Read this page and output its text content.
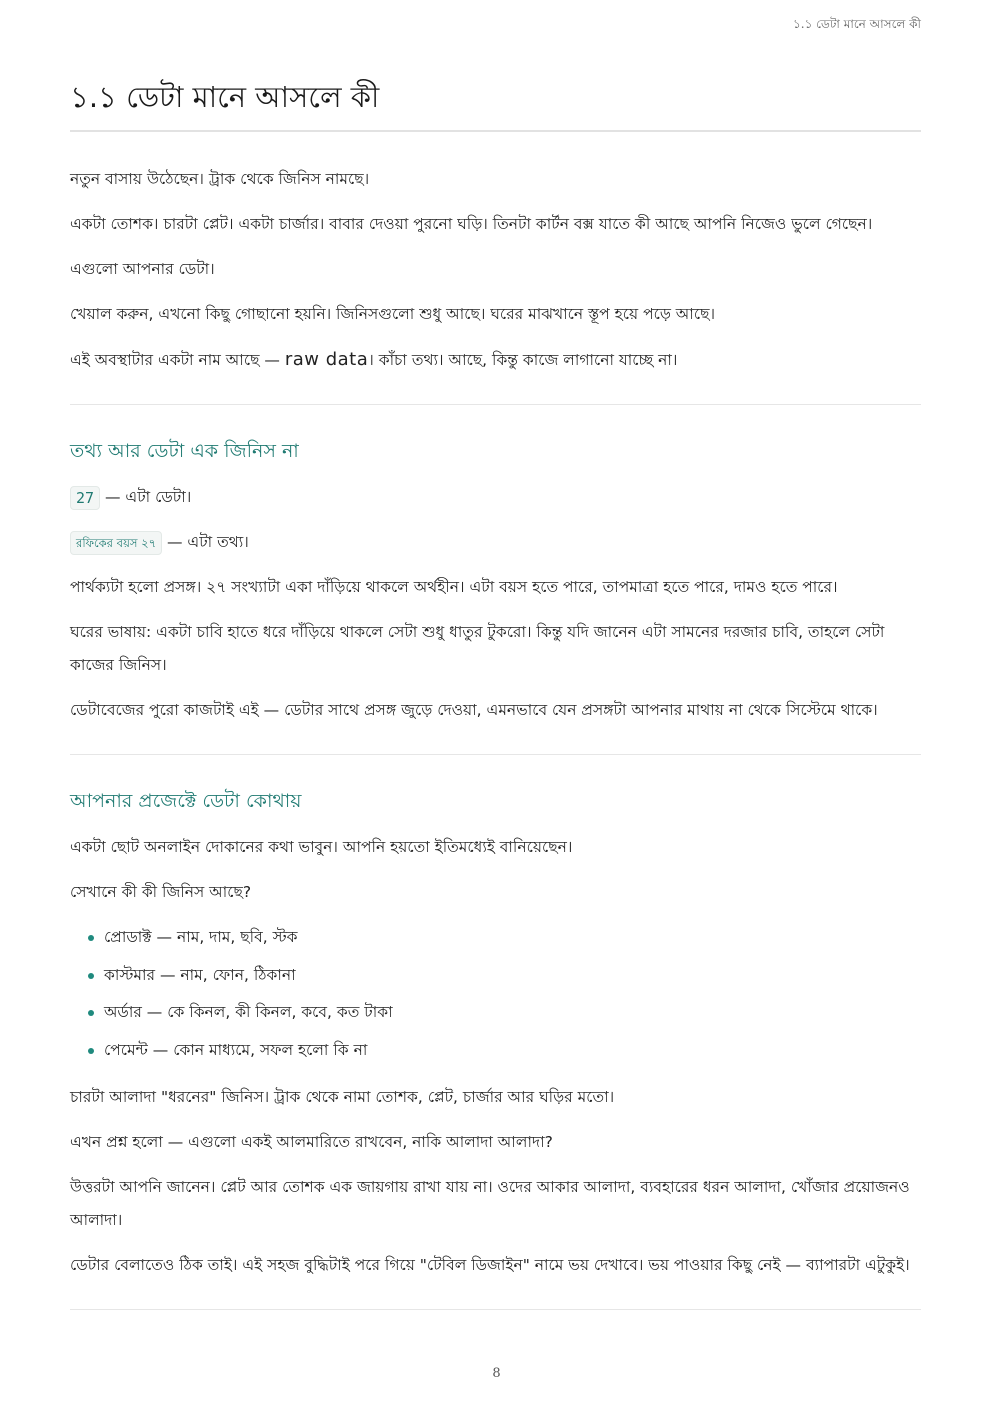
১.১ ডেটা মানে আসলে কী
১.১ ডেটা মানে আসলে কী

নতুন বাসায় উঠেছেন। ট্রাক থেকে জিনিস নামছে।

একটা তোশক। চারটা প্লেট। একটা চার্জার। বাবার দেওয়া পুরনো ঘড়ি। তিনটা কার্টন বক্স যাতে কী আছে আপনি নিজেও ভুলে গেছেন।

এগুলো আপনার ডেটা।

খেয়াল করুন, এখনো কিছু গোছানো হয়নি। জিনিসগুলো শুধু আছে। ঘরের মাঝখানে স্তূপ হয়ে পড়ে আছে।

এই অবস্থাটার একটা নাম আছে — raw data। কাঁচা তথ্য। আছে, কিন্তু কাজে লাগানো যাচ্ছে না।

তথ্য আর ডেটা এক জিনিস না

27 — এটা ডেটা।

রফিকের বয়স ২৭ — এটা তথ্য।

পার্থক্যটা হলো প্রসঙ্গ। ২৭ সংখ্যাটা একা দাঁড়িয়ে থাকলে অর্থহীন। এটা বয়স হতে পারে, তাপমাত্রা হতে পারে, দামও হতে পারে।

ঘরের ভাষায়: একটা চাবি হাতে ধরে দাঁড়িয়ে থাকলে সেটা শুধু ধাতুর টুকরো। কিন্তু যদি জানেন এটা সামনের দরজার চাবি, তাহলে সেটা কাজের জিনিস।

ডেটাবেজের পুরো কাজটাই এই — ডেটার সাথে প্রসঙ্গ জুড়ে দেওয়া, এমনভাবে যেন প্রসঙ্গটা আপনার মাথায় না থেকে সিস্টেমে থাকে।

আপনার প্রজেক্টে ডেটা কোথায়

একটা ছোট অনলাইন দোকানের কথা ভাবুন। আপনি হয়তো ইতিমধ্যেই বানিয়েছেন।

সেখানে কী কী জিনিস আছে?

প্রোডাক্ট — নাম, দাম, ছবি, স্টক
কাস্টমার — নাম, ফোন, ঠিকানা
অর্ডার — কে কিনল, কী কিনল, কবে, কত টাকা
পেমেন্ট — কোন মাধ্যমে, সফল হলো কি না

চারটা আলাদা "ধরনের" জিনিস। ট্রাক থেকে নামা তোশক, প্লেট, চার্জার আর ঘড়ির মতো।

এখন প্রশ্ন হলো — এগুলো একই আলমারিতে রাখবেন, নাকি আলাদা আলাদা?

উত্তরটা আপনি জানেন। প্লেট আর তোশক এক জায়গায় রাখা যায় না। ওদের আকার আলাদা, ব্যবহারের ধরন আলাদা, খোঁজার প্রয়োজনও আলাদা।

ডেটার বেলাতেও ঠিক তাই। এই সহজ বুদ্ধিটাই পরে গিয়ে "টেবিল ডিজাইন" নামে ভয় দেখাবে। ভয় পাওয়ার কিছু নেই — ব্যাপারটা এটুকুই।

8
